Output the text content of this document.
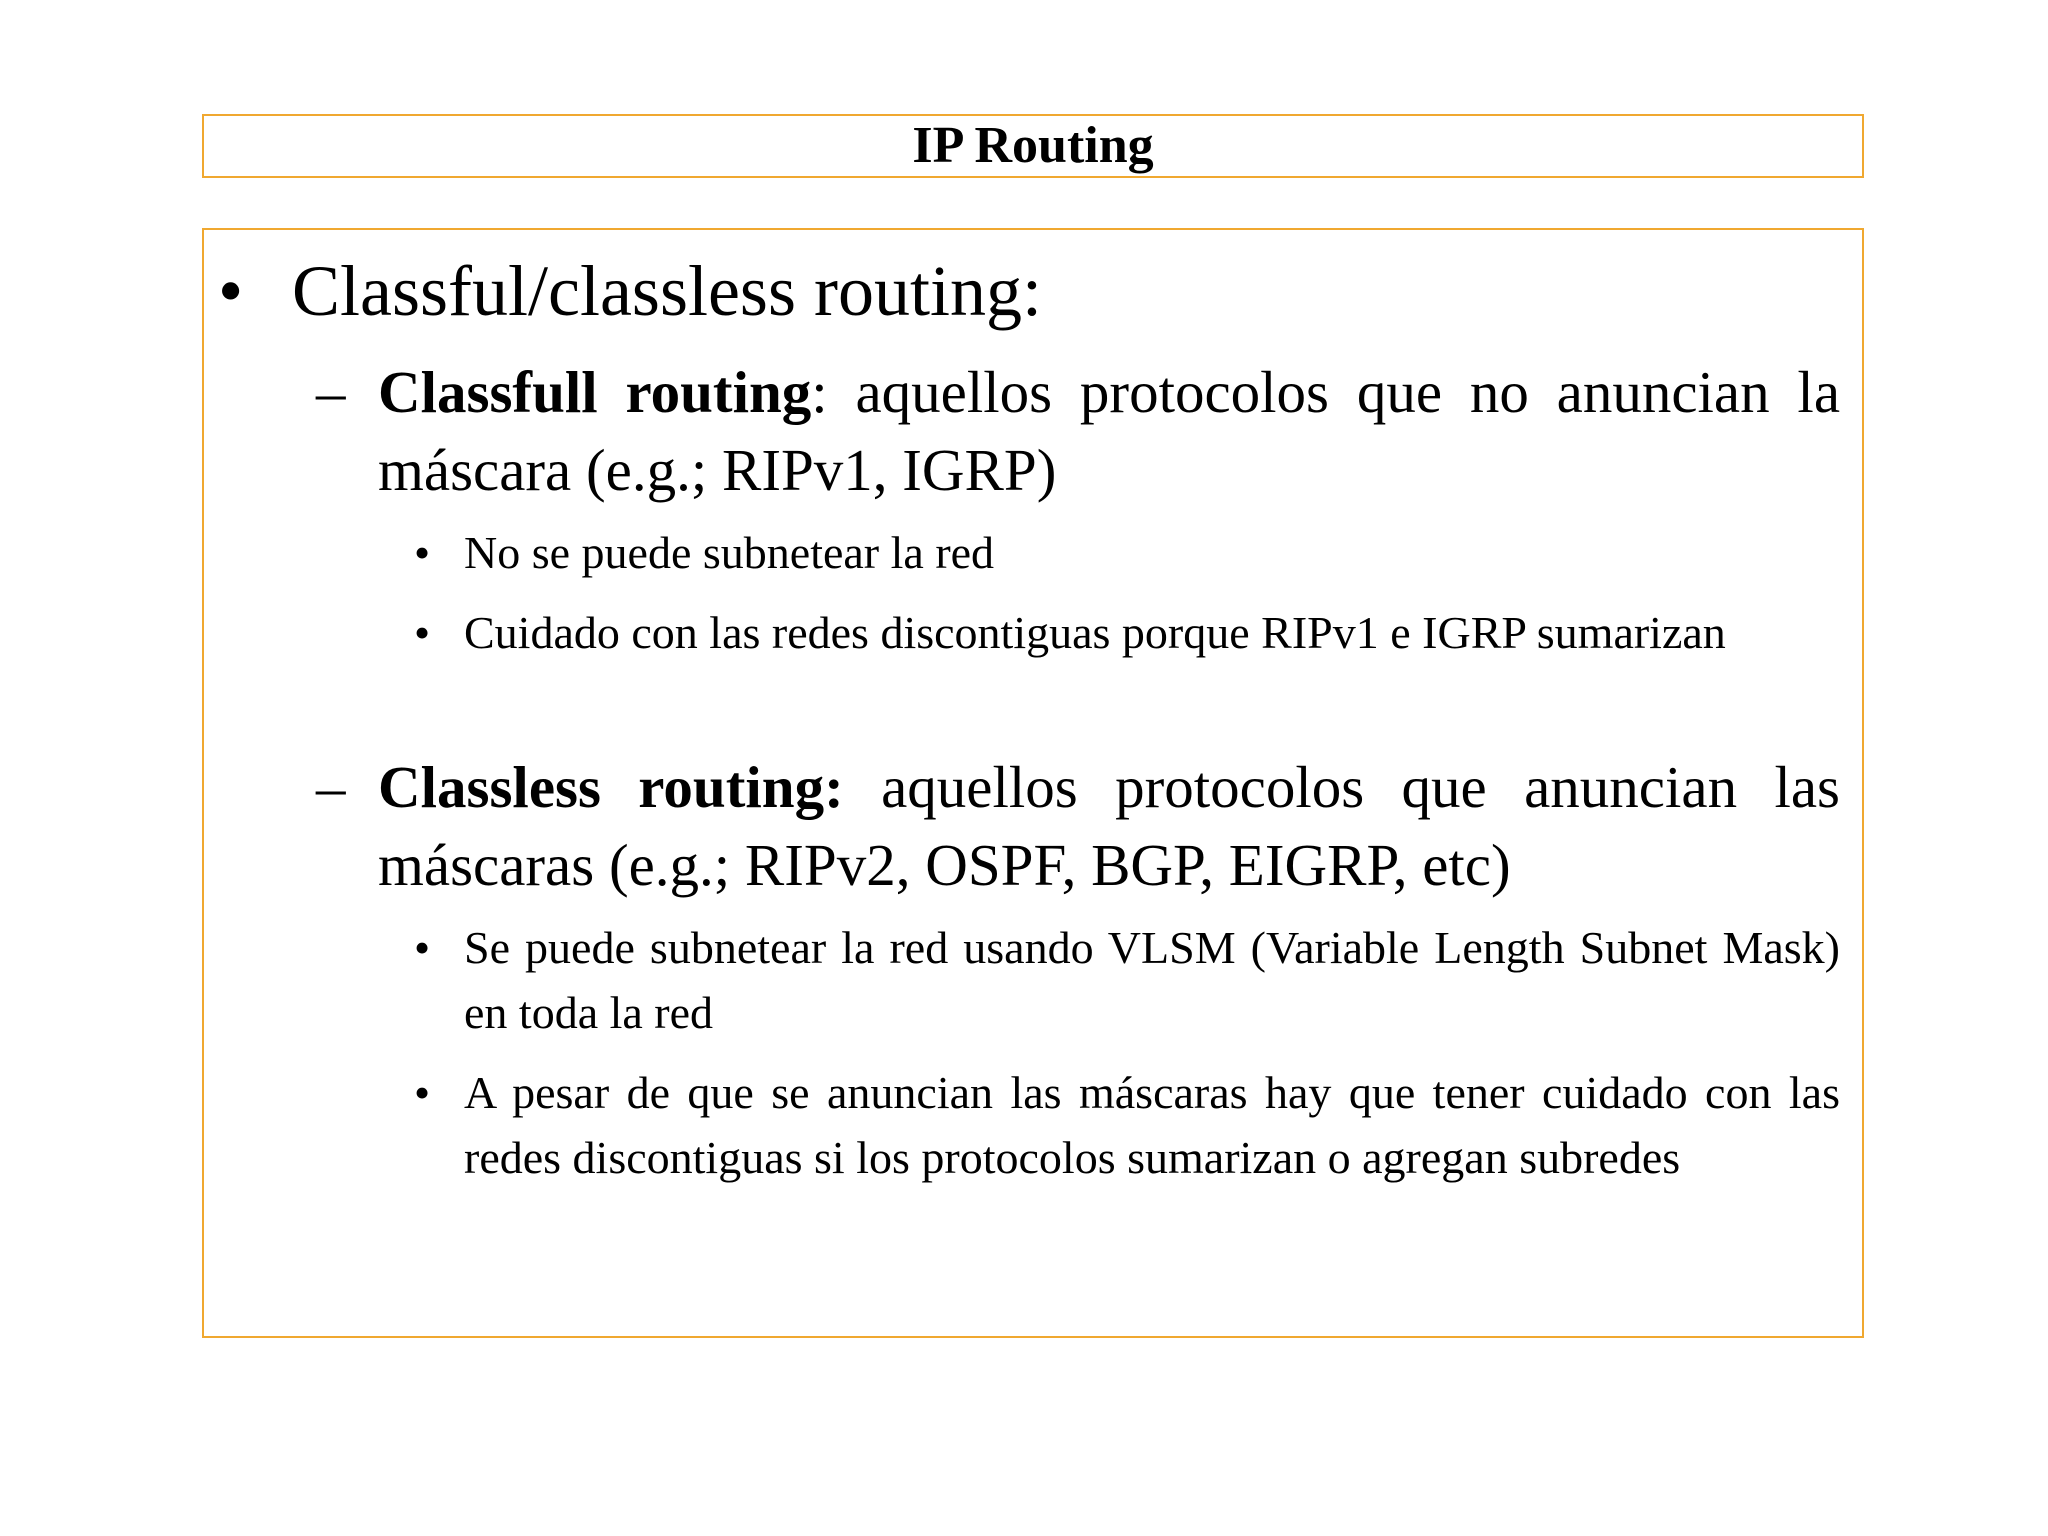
IP Routing
• Classful/classless routing:
– Classfull routing: aquellos protocolos que no anuncian la máscara (e.g.; RIPv1, IGRP)
• No se puede subnetear la red
• Cuidado con las redes discontiguas porque RIPv1 e IGRP sumarizan
– Classless routing: aquellos protocolos que anuncian las máscaras (e.g.; RIPv2, OSPF, BGP, EIGRP, etc)
• Se puede subnetear la red usando VLSM (Variable Length Subnet Mask) en toda la red
• A pesar de que se anuncian las máscaras hay que tener cuidado con las redes discontiguas si los protocolos sumarizan o agregan subredes
